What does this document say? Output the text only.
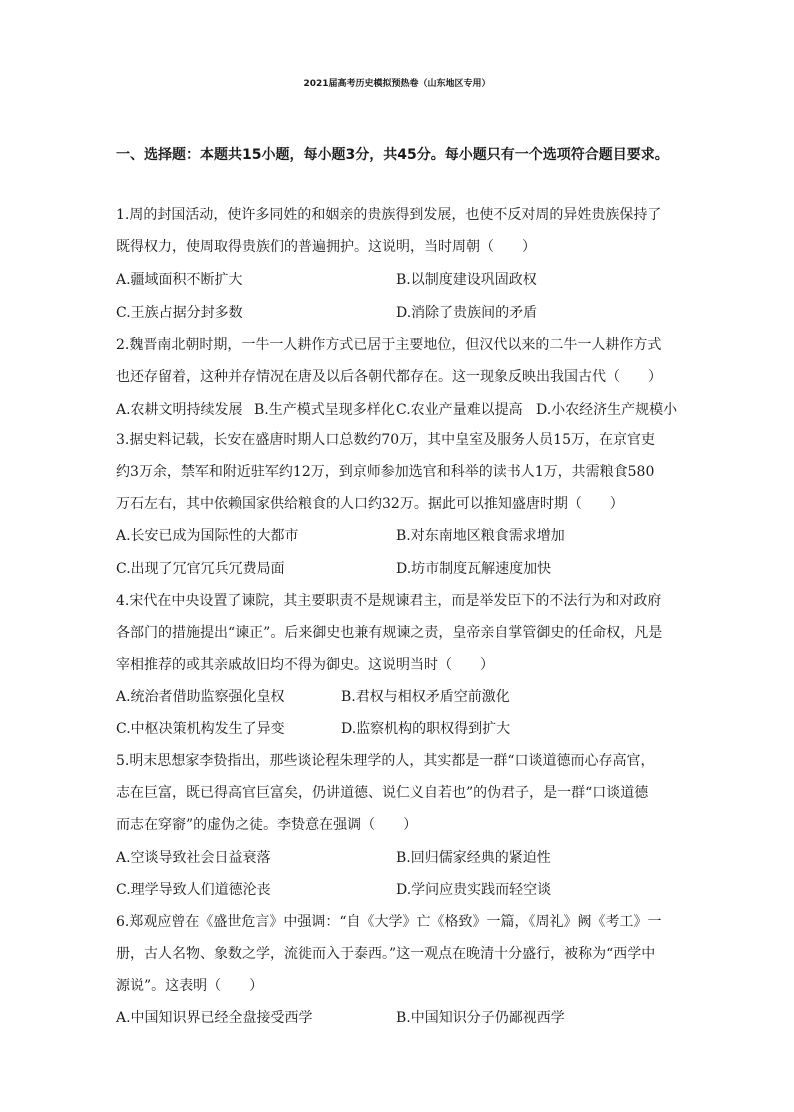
2021届高考历史模拟预热卷（山东地区专用）
一、选择题：本题共15小题，每小题3分，共45分。每小题只有一个选项符合题目要求。
1.周的封国活动，使许多同姓的和姻亲的贵族得到发展，也使不反对周的异姓贵族保持了
既得权力，使周取得贵族们的普遍拥护。这说明，当时周朝（　　）
A.疆域面积不断扩大	B.以制度建设巩固政权
C.王族占据分封多数	D.消除了贵族间的矛盾
2.魏晋南北朝时期，一牛一人耕作方式已居于主要地位，但汉代以来的二牛一人耕作方式
也还存留着，这种并存情况在唐及以后各朝代都存在。这一现象反映出我国古代（　　）
A.农耕文明持续发展 B.生产模式呈现多样化 C.农业产量难以提高 D.小农经济生产规模小
3.据史料记载，长安在盛唐时期人口总数约70万，其中皇室及服务人员15万，在京官吏
约3万余，禁军和附近驻军约12万，到京师参加选官和科举的读书人1万，共需粮食580
万石左右，其中依赖国家供给粮食的人口约32万。据此可以推知盛唐时期（　　）
A.长安已成为国际性的大都市	B.对东南地区粮食需求增加
C.出现了冗官冗兵冗费局面	D.坊市制度瓦解速度加快
4.宋代在中央设置了谏院，其主要职责不是规谏君主，而是举发臣下的不法行为和对政府
各部门的措施提出“谏正”。后来御史也兼有规谏之责，皇帝亲自掌管御史的任命权，凡是
宰相推荐的或其亲戚故旧均不得为御史。这说明当时（　　）
A.统治者借助监察强化皇权	B.君权与相权矛盾空前激化
C.中枢决策机构发生了异变	D.监察机构的职权得到扩大
5.明末思想家李贽指出，那些谈论程朱理学的人，其实都是一群“口谈道德而心存高官，
志在巨富，既已得高官巨富矣，仍讲道德、说仁义自若也”的伪君子，是一群“口谈道德
而志在穿窬”的虚伪之徒。李贽意在强调（　　）
A.空谈导致社会日益衰落	B.回归儒家经典的紧迫性
C.理学导致人们道德沦丧	D.学问应贵实践而轻空谈
6.郑观应曾在《盛世危言》中强调：“自《大学》亡《格致》一篇，《周礼》阙《考工》一
册，古人名物、象数之学，流徙而入于泰西。”这一观点在晚清十分盛行，被称为“西学中
源说”。这表明（　　）
A.中国知识界已经全盘接受西学	B.中国知识分子仍鄙视西学
